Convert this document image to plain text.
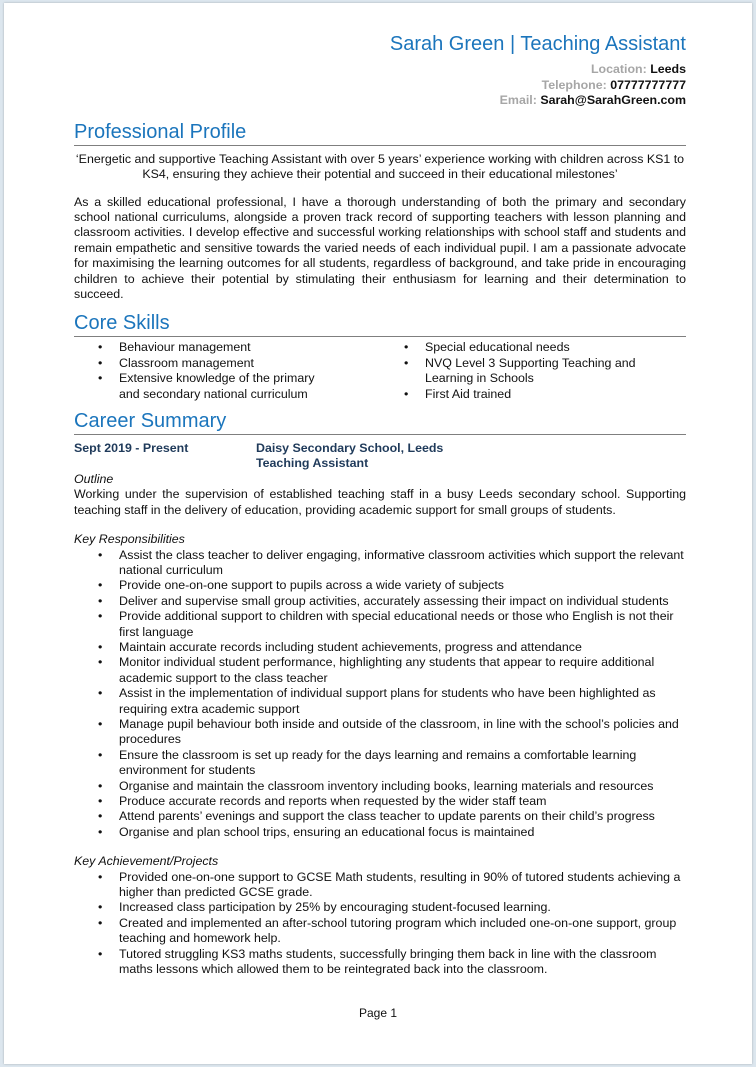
Sarah Green | Teaching Assistant
Location: Leeds
Telephone: 07777777777
Email: Sarah@SarahGreen.com
Professional Profile

‘Energetic and supportive Teaching Assistant with over 5 years’ experience working with children across KS1 to KS4, ensuring they achieve their potential and succeed in their educational milestones’

As a skilled educational professional, I have a thorough understanding of both the primary and secondary school national curriculums, alongside a proven track record of supporting teachers with lesson planning and classroom activities. I develop effective and successful working relationships with school staff and students and remain empathetic and sensitive towards the varied needs of each individual pupil. I am a passionate advocate for maximising the learning outcomes for all students, regardless of background, and take pride in encouraging children to achieve their potential by stimulating their enthusiasm for learning and their determination to succeed.

Core Skills
• Behaviour management
• Classroom management
• Extensive knowledge of the primary and secondary national curriculum
• Special educational needs
• NVQ Level 3 Supporting Teaching and Learning in Schools
• First Aid trained
Career Summary
Sept 2019 - Present	Daisy Secondary School, Leeds
Teaching Assistant

Outline

Working under the supervision of established teaching staff in a busy Leeds secondary school. Supporting teaching staff in the delivery of education, providing academic support for small groups of students.

Key Responsibilities

• Assist the class teacher to deliver engaging, informative classroom activities which support the relevant national curriculum
• Provide one-on-one support to pupils across a wide variety of subjects
• Deliver and supervise small group activities, accurately assessing their impact on individual students
• Provide additional support to children with special educational needs or those who English is not their first language
• Maintain accurate records including student achievements, progress and attendance
• Monitor individual student performance, highlighting any students that appear to require additional academic support to the class teacher
• Assist in the implementation of individual support plans for students who have been highlighted as requiring extra academic support
• Manage pupil behaviour both inside and outside of the classroom, in line with the school’s policies and procedures
• Ensure the classroom is set up ready for the days learning and remains a comfortable learning environment for students
• Organise and maintain the classroom inventory including books, learning materials and resources
• Produce accurate records and reports when requested by the wider staff team
• Attend parents’ evenings and support the class teacher to update parents on their child’s progress
• Organise and plan school trips, ensuring an educational focus is maintained

Key Achievement/Projects

• Provided one-on-one support to GCSE Math students, resulting in 90% of tutored students achieving a higher than predicted GCSE grade.
• Increased class participation by 25% by encouraging student-focused learning.
• Created and implemented an after-school tutoring program which included one-on-one support, group teaching and homework help.
• Tutored struggling KS3 maths students, successfully bringing them back in line with the classroom maths lessons which allowed them to be reintegrated back into the classroom.
Page 1
